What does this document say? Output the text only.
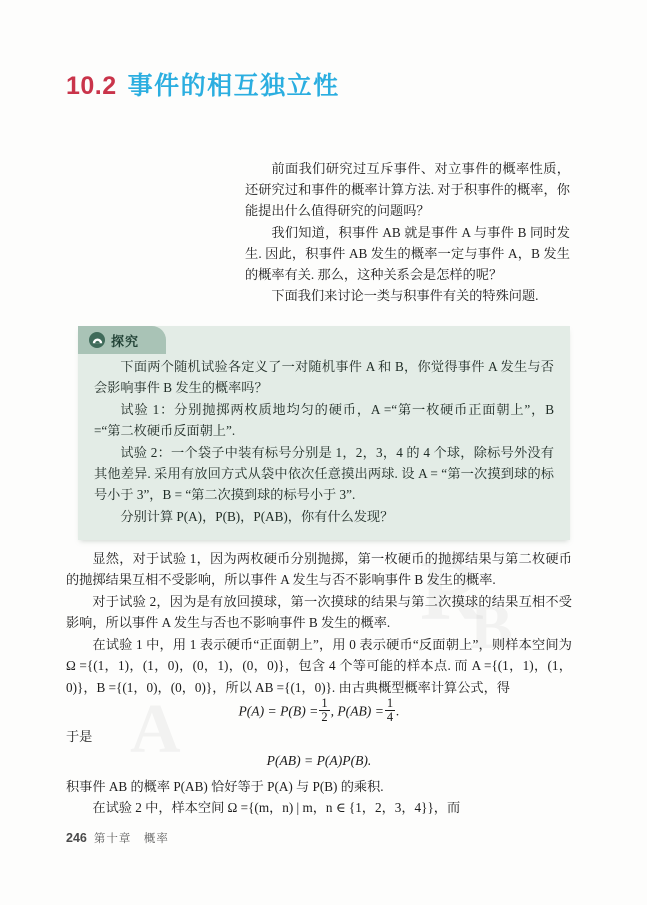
R
B
A
10.2 事件的相互独立性

前面我们研究过互斥事件、对立事件的概率性质，还研究过和事件的概率计算方法. 对于积事件的概率，你能提出什么值得研究的问题吗？

我们知道，积事件 AB 就是事件 A 与事件 B 同时发生. 因此，积事件 AB 发生的概率一定与事件 A，B 发生的概率有关. 那么，这种关系会是怎样的呢？

下面我们来讨论一类与积事件有关的特殊问题.

探究

下面两个随机试验各定义了一对随机事件 A 和 B，你觉得事件 A 发生与否会影响事件 B 发生的概率吗？

试验 1：分别抛掷两枚质地均匀的硬币，A =“第一枚硬币正面朝上”，B =“第二枚硬币反面朝上”.

试验 2：一个袋子中装有标号分别是 1，2，3，4 的 4 个球，除标号外没有其他差异. 采用有放回方式从袋中依次任意摸出两球. 设 A = “第一次摸到球的标号小于 3”，B = “第二次摸到球的标号小于 3”.

分别计算 P(A)，P(B)，P(AB)，你有什么发现？

显然，对于试验 1，因为两枚硬币分别抛掷，第一枚硬币的抛掷结果与第二枚硬币的抛掷结果互相不受影响，所以事件 A 发生与否不影响事件 B 发生的概率.

对于试验 2，因为是有放回摸球，第一次摸球的结果与第二次摸球的结果互相不受影响，所以事件 A 发生与否也不影响事件 B 发生的概率.

在试验 1 中，用 1 表示硬币“正面朝上”，用 0 表示硬币“反面朝上”，则样本空间为 Ω ={(1，1)，(1，0)，(0，1)，(0，0)}，包含 4 个等可能的样本点. 而 A ={(1，1)，(1，0)}，B ={(1，0)，(0，0)}，所以 AB ={(1，0)}. 由古典概型概率计算公式，得

$P(A) = P(B) = \frac{1}{2}$ , $P(AB) = \frac{1}{4}$ .

于是

P(AB) = P(A)P(B).

积事件 AB 的概率 P(AB) 恰好等于 P(A) 与 P(B) 的乘积.

在试验 2 中，样本空间 Ω ={(m，n) | m，n ∈ {1，2，3，4}}，而

246 第十章　概率
